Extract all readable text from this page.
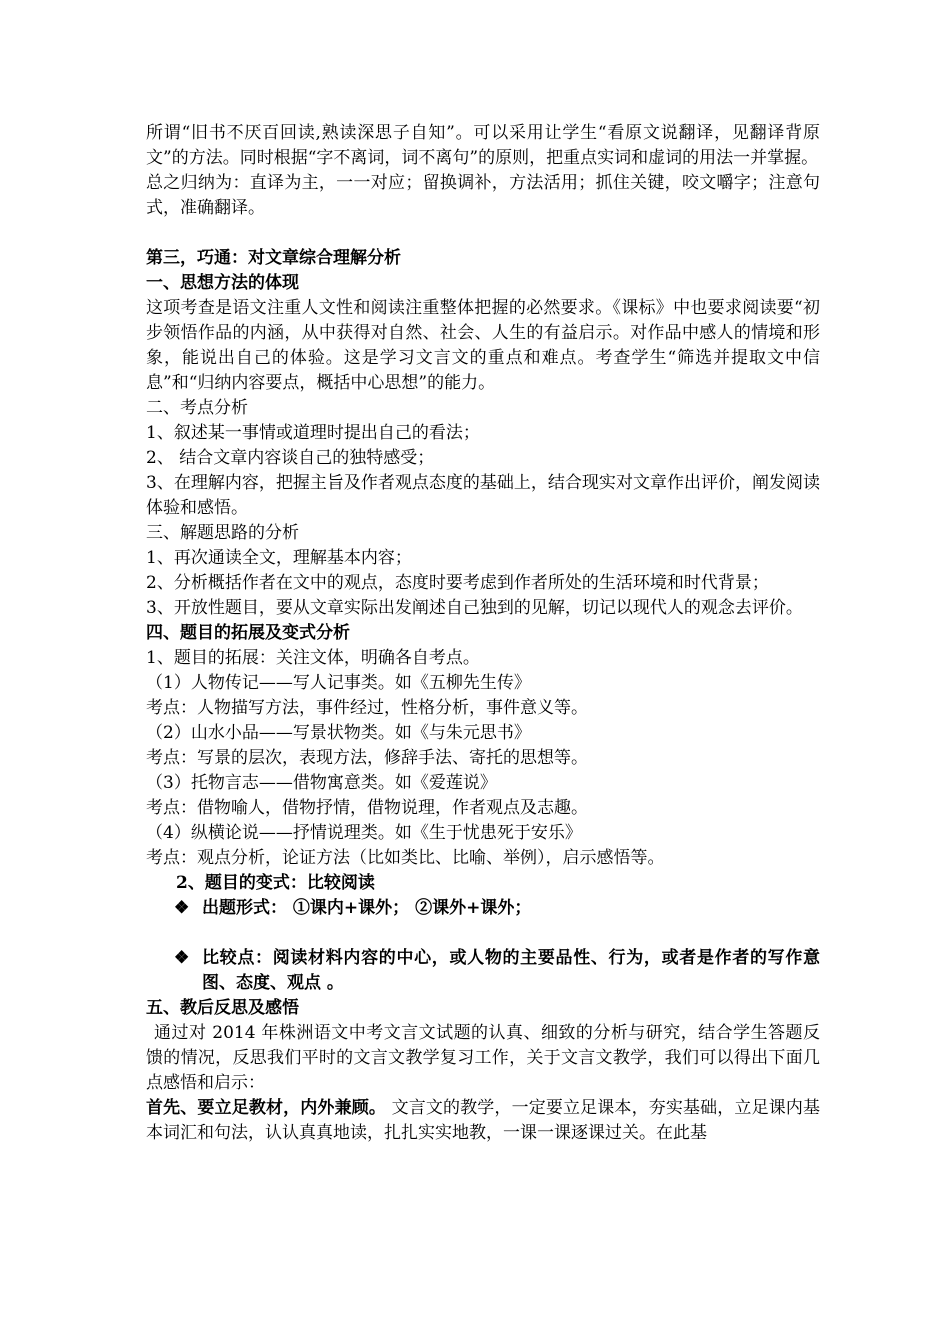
所谓“旧书不厌百回读,熟读深思子自知”。可以采用让学生“看原文说翻译，见翻译背原文”的方法。同时根据“字不离词，词不离句”的原则，把重点实词和虚词的用法一并掌握。

总之归纳为：直译为主，一一对应；留换调补，方法活用；抓住关键，咬文嚼字；注意句式，准确翻译。

第三，巧通：对文章综合理解分析

一、思想方法的体现

这项考查是语文注重人文性和阅读注重整体把握的必然要求。《课标》中也要求阅读要“初步领悟作品的内涵，从中获得对自然、社会、人生的有益启示。对作品中感人的情境和形象，能说出自己的体验。这是学习文言文的重点和难点。考查学生“筛选并提取文中信息”和“归纳内容要点，概括中心思想”的能力。

二、考点分析

1、叙述某一事情或道理时提出自己的看法；

2、 结合文章内容谈自己的独特感受；

3、在理解内容，把握主旨及作者观点态度的基础上，结合现实对文章作出评价，阐发阅读体验和感悟。

三、解题思路的分析

1、再次通读全文，理解基本内容；

2、分析概括作者在文中的观点，态度时要考虑到作者所处的生活环境和时代背景；

3、开放性题目，要从文章实际出发阐述自己独到的见解，切记以现代人的观念去评价。

四、题目的拓展及变式分析

1、题目的拓展：关注文体，明确各自考点。

（1）人物传记——写人记事类。如《五柳先生传》

考点：人物描写方法，事件经过，性格分析，事件意义等。

（2）山水小品——写景状物类。如《与朱元思书》

考点：写景的层次，表现方法，修辞手法、寄托的思想等。

（3）托物言志——借物寓意类。如《爱莲说》

考点：借物喻人，借物抒情，借物说理，作者观点及志趣。

（4）纵横论说——抒情说理类。如《生于忧患死于安乐》

考点：观点分析，论证方法（比如类比、比喻、举例），启示感悟等。

2、题目的变式：比较阅读

❖ 出题形式： ①课内+课外； ②课外+课外；

❖ 比较点：阅读材料内容的中心，或人物的主要品性、行为，或者是作者的写作意图、态度、观点 。

五、教后反思及感悟

通过对 2014 年株洲语文中考文言文试题的认真、细致的分析与研究，结合学生答题反馈的情况，反思我们平时的文言文教学复习工作，关于文言文教学，我们可以得出下面几点感悟和启示：

首先、要立足教材，内外兼顾。 文言文的教学，一定要立足课本，夯实基础，立足课内基本词汇和句法，认认真真地读，扎扎实实地教，一课一课逐课过关。在此基
